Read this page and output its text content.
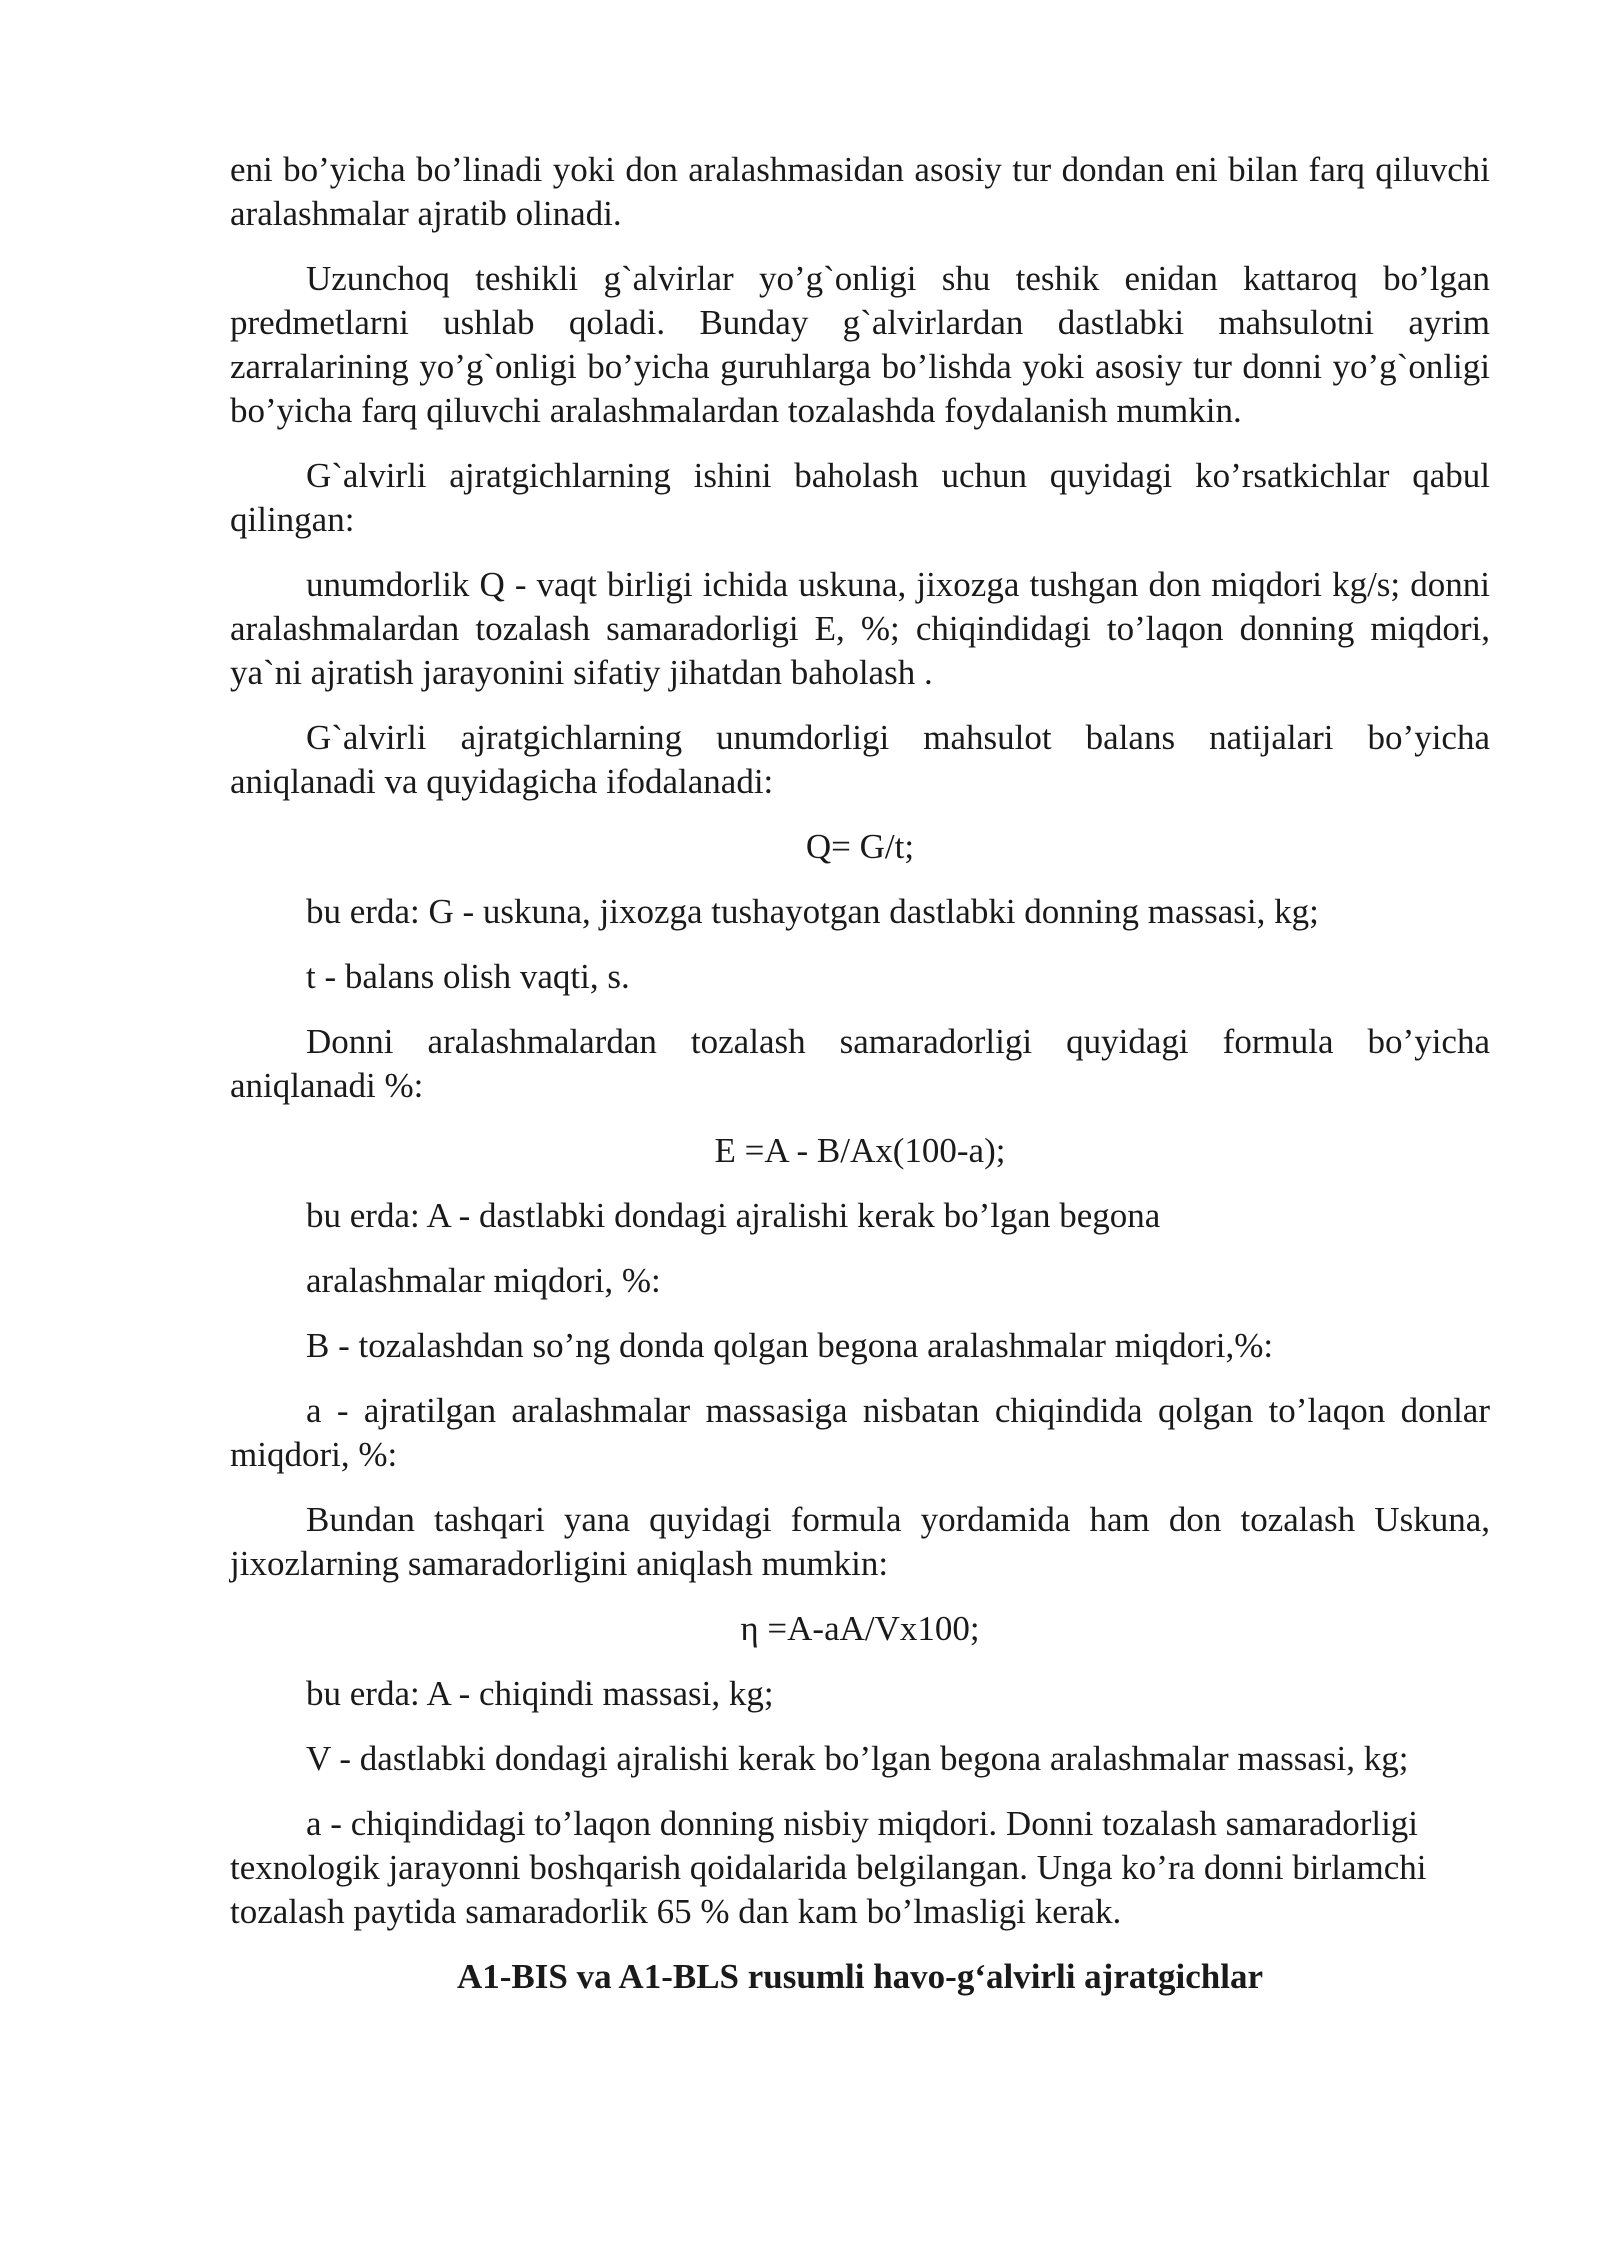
eni bo’yicha bo’linadi yoki don aralashmasidan asosiy tur dondan eni bilan farq qiluvchi aralashmalar ajratib olinadi.

Uzunchoq teshikli g`alvirlar yo’g`onligi shu teshik enidan kattaroq bo’lgan predmetlarni ushlab qoladi. Bunday g`alvirlardan dastlabki mahsulotni ayrim zarralarining yo’g`onligi bo’yicha guruhlarga bo’lishda yoki asosiy tur donni yo’g`onligi bo’yicha farq qiluvchi aralashmalardan tozalashda foydalanish mumkin.

G`alvirli ajratgichlarning ishini baholash uchun quyidagi ko’rsatkichlar qabul qilingan:

unumdorlik Q - vaqt birligi ichida uskuna, jixozga tushgan don miqdori kg/s; donni aralashmalardan tozalash samaradorligi E, %; chiqindidagi to’laqon donning miqdori, ya`ni ajratish jarayonini sifatiy jihatdan baholash .

G`alvirli ajratgichlarning unumdorligi mahsulot balans natijalari bo’yicha aniqlanadi va quyidagicha ifodalanadi:

Q= G/t;

bu erda: G - uskuna, jixozga tushayotgan dastlabki donning massasi, kg;

t - balans olish vaqti, s.

Donni aralashmalardan tozalash samaradorligi quyidagi formula bo’yicha aniqlanadi %:

E =A - B/Ax(100-a);

bu erda: A - dastlabki dondagi ajralishi kerak bo’lgan begona

aralashmalar miqdori, %:

B - tozalashdan so’ng donda qolgan begona aralashmalar miqdori,%:

a - ajratilgan aralashmalar massasiga nisbatan chiqindida qolgan to’laqon donlar miqdori, %:

Bundan tashqari yana quyidagi formula yordamida ham don tozalash Uskuna, jixozlarning samaradorligini aniqlash mumkin:

η =A-aA/Vx100;

bu erda: A - chiqindi massasi, kg;

V - dastlabki dondagi ajralishi kerak bo’lgan begona aralashmalar massasi, kg;

a - chiqindidagi to’laqon donning nisbiy miqdori. Donni tozalash samaradorligi texnologik jarayonni boshqarish qoidalarida belgilangan. Unga ko’ra donni birlamchi tozalash paytida samaradorlik 65 % dan kam bo’lmasligi kerak.

A1-BIS va A1-BLS rusumli havo-g‘alvirli ajratgichlar
